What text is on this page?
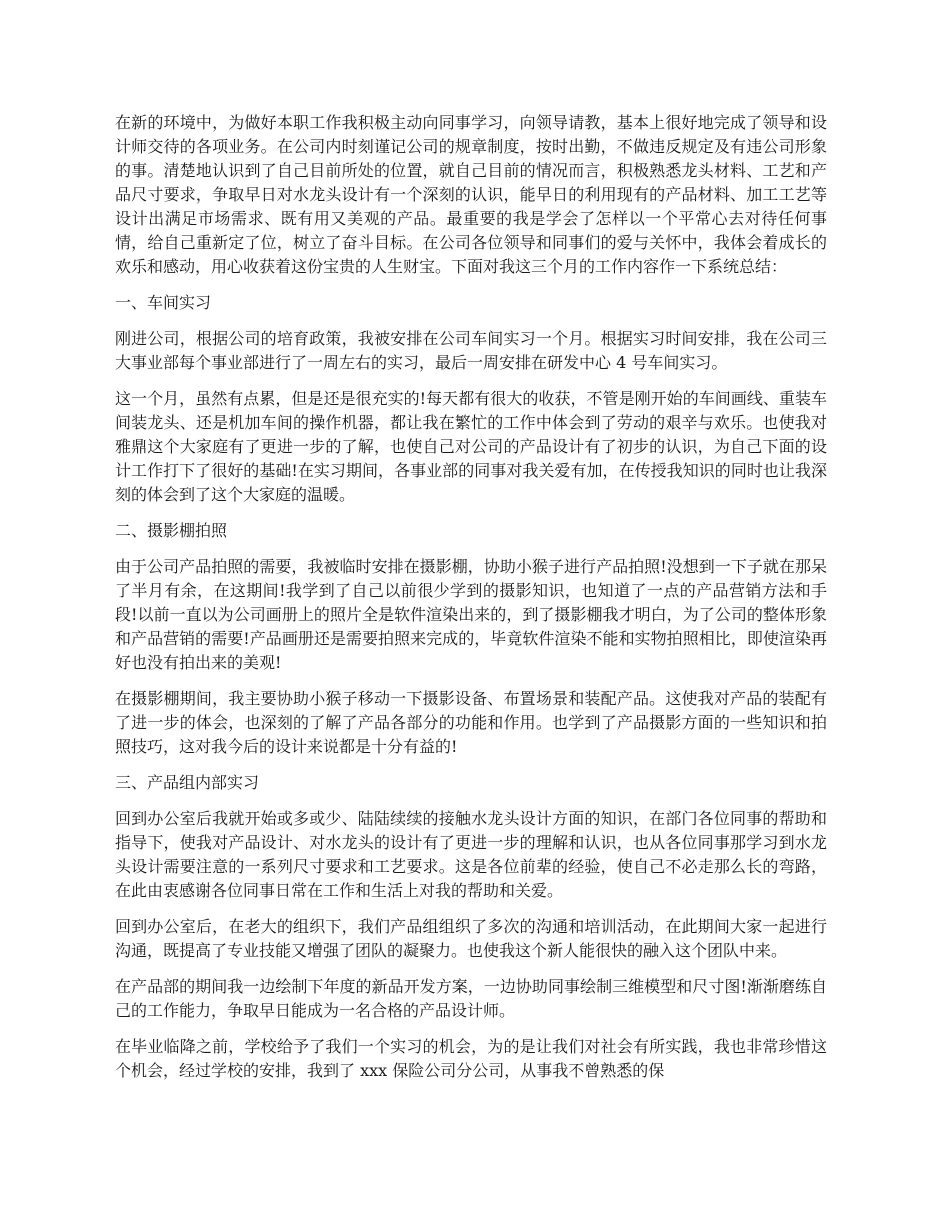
在新的环境中，为做好本职工作我积极主动向同事学习，向领导请教，基本上很好地完成了领导和设计师交待的各项业务。在公司内时刻谨记公司的规章制度，按时出勤，不做违反规定及有违公司形象的事。清楚地认识到了自己目前所处的位置，就自己目前的情况而言，积极熟悉龙头材料、工艺和产品尺寸要求，争取早日对水龙头设计有一个深刻的认识，能早日的利用现有的产品材料、加工工艺等设计出满足市场需求、既有用又美观的产品。最重要的我是学会了怎样以一个平常心去对待任何事情，给自己重新定了位，树立了奋斗目标。在公司各位领导和同事们的爱与关怀中，我体会着成长的欢乐和感动，用心收获着这份宝贵的人生财宝。下面对我这三个月的工作内容作一下系统总结：

一、车间实习

刚进公司，根据公司的培育政策，我被安排在公司车间实习一个月。根据实习时间安排，我在公司三大事业部每个事业部进行了一周左右的实习，最后一周安排在研发中心 4 号车间实习。

这一个月，虽然有点累，但是还是很充实的!每天都有很大的收获，不管是刚开始的车间画线、重装车间装龙头、还是机加车间的操作机器，都让我在繁忙的工作中体会到了劳动的艰辛与欢乐。也使我对雅鼎这个大家庭有了更进一步的了解，也使自己对公司的产品设计有了初步的认识，为自己下面的设计工作打下了很好的基础!在实习期间，各事业部的同事对我关爱有加，在传授我知识的同时也让我深刻的体会到了这个大家庭的温暖。

二、摄影棚拍照

由于公司产品拍照的需要，我被临时安排在摄影棚，协助小猴子进行产品拍照!没想到一下子就在那呆了半月有余，在这期间!我学到了自己以前很少学到的摄影知识，也知道了一点的产品营销方法和手段!以前一直以为公司画册上的照片全是软件渲染出来的，到了摄影棚我才明白，为了公司的整体形象和产品营销的需要!产品画册还是需要拍照来完成的，毕竟软件渲染不能和实物拍照相比，即使渲染再好也没有拍出来的美观!

在摄影棚期间，我主要协助小猴子移动一下摄影设备、布置场景和装配产品。这使我对产品的装配有了进一步的体会，也深刻的了解了产品各部分的功能和作用。也学到了产品摄影方面的一些知识和拍照技巧，这对我今后的设计来说都是十分有益的!

三、产品组内部实习

回到办公室后我就开始或多或少、陆陆续续的接触水龙头设计方面的知识，在部门各位同事的帮助和指导下，使我对产品设计、对水龙头的设计有了更进一步的理解和认识，也从各位同事那学习到水龙头设计需要注意的一系列尺寸要求和工艺要求。这是各位前辈的经验，使自己不必走那么长的弯路，在此由衷感谢各位同事日常在工作和生活上对我的帮助和关爱。

回到办公室后，在老大的组织下，我们产品组组织了多次的沟通和培训活动，在此期间大家一起进行沟通，既提高了专业技能又增强了团队的凝聚力。也使我这个新人能很快的融入这个团队中来。

在产品部的期间我一边绘制下年度的新品开发方案，一边协助同事绘制三维模型和尺寸图!渐渐磨练自己的工作能力，争取早日能成为一名合格的产品设计师。

在毕业临降之前，学校给予了我们一个实习的机会，为的是让我们对社会有所实践，我也非常珍惜这个机会，经过学校的安排，我到了 xxx 保险公司分公司，从事我不曾熟悉的保
